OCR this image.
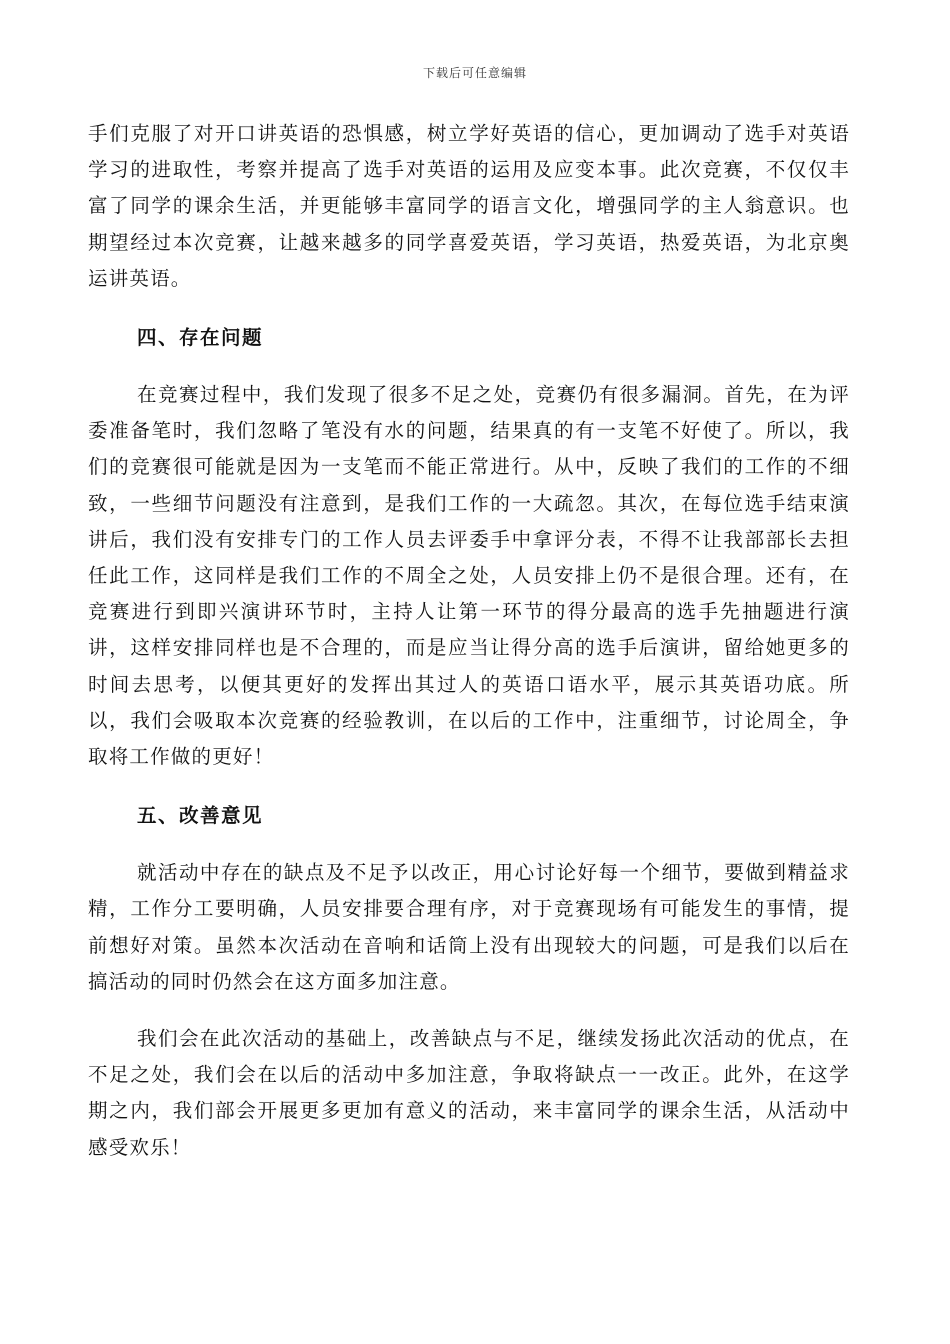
下载后可任意编辑

手们克服了对开口讲英语的恐惧感，树立学好英语的信心，更加调动了选手对英语学习的进取性，考察并提高了选手对英语的运用及应变本事。此次竞赛，不仅仅丰富了同学的课余生活，并更能够丰富同学的语言文化，增强同学的主人翁意识。也期望经过本次竞赛，让越来越多的同学喜爱英语，学习英语，热爱英语，为北京奥运讲英语。

四、存在问题

在竞赛过程中，我们发现了很多不足之处，竞赛仍有很多漏洞。首先，在为评委准备笔时，我们忽略了笔没有水的问题，结果真的有一支笔不好使了。所以，我们的竞赛很可能就是因为一支笔而不能正常进行。从中，反映了我们的工作的不细致，一些细节问题没有注意到，是我们工作的一大疏忽。其次，在每位选手结束演讲后，我们没有安排专门的工作人员去评委手中拿评分表，不得不让我部部长去担任此工作，这同样是我们工作的不周全之处，人员安排上仍不是很合理。还有，在竞赛进行到即兴演讲环节时，主持人让第一环节的得分最高的选手先抽题进行演讲，这样安排同样也是不合理的，而是应当让得分高的选手后演讲，留给她更多的时间去思考，以便其更好的发挥出其过人的英语口语水平，展示其英语功底。所以，我们会吸取本次竞赛的经验教训，在以后的工作中，注重细节，讨论周全，争取将工作做的更好！

五、改善意见

就活动中存在的缺点及不足予以改正，用心讨论好每一个细节，要做到精益求精，工作分工要明确，人员安排要合理有序，对于竞赛现场有可能发生的事情，提前想好对策。虽然本次活动在音响和话筒上没有出现较大的问题，可是我们以后在搞活动的同时仍然会在这方面多加注意。

我们会在此次活动的基础上，改善缺点与不足，继续发扬此次活动的优点，在不足之处，我们会在以后的活动中多加注意，争取将缺点一一改正。此外，在这学期之内，我们部会开展更多更加有意义的活动，来丰富同学的课余生活，从活动中感受欢乐！
